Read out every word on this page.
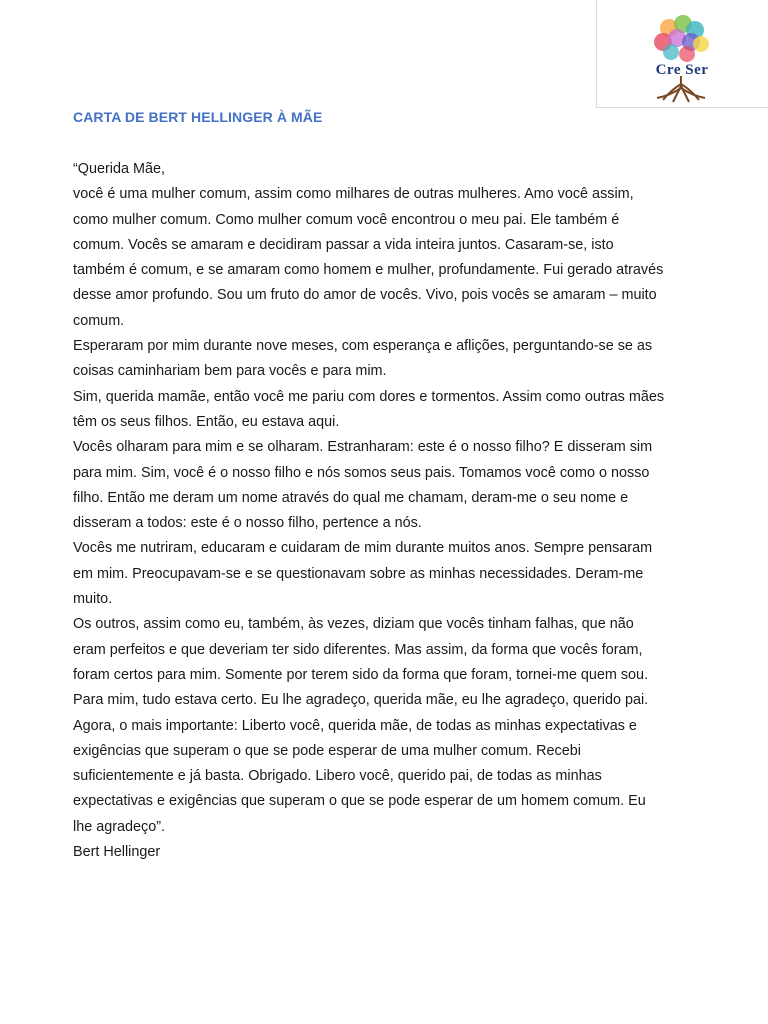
Cre Ser
CARTA DE BERT HELLINGER À MÃE

“Querida Mãe,

você é uma mulher comum, assim como milhares de outras mulheres. Amo você assim,

como mulher comum. Como mulher comum você encontrou o meu pai. Ele também é

comum. Vocês se amaram e decidiram passar a vida inteira juntos. Casaram-se, isto

também é comum, e se amaram como homem e mulher, profundamente. Fui gerado através

desse amor profundo. Sou um fruto do amor de vocês. Vivo, pois vocês se amaram – muito

comum.

Esperaram por mim durante nove meses, com esperança e aflições, perguntando-se se as

coisas caminhariam bem para vocês e para mim.

Sim, querida mamãe, então você me pariu com dores e tormentos. Assim como outras mães

têm os seus filhos. Então, eu estava aqui.

Vocês olharam para mim e se olharam. Estranharam: este é o nosso filho? E disseram sim

para mim. Sim, você é o nosso filho e nós somos seus pais. Tomamos você como o nosso

filho. Então me deram um nome através do qual me chamam, deram-me o seu nome e

disseram a todos: este é o nosso filho, pertence a nós.

Vocês me nutriram, educaram e cuidaram de mim durante muitos anos. Sempre pensaram

em mim. Preocupavam-se e se questionavam sobre as minhas necessidades. Deram-me

muito.

Os outros, assim como eu, também, às vezes, diziam que vocês tinham falhas, que não

eram perfeitos e que deveriam ter sido diferentes. Mas assim, da forma que vocês foram,

foram certos para mim. Somente por terem sido da forma que foram, tornei-me quem sou.

Para mim, tudo estava certo. Eu lhe agradeço, querida mãe, eu lhe agradeço, querido pai.

Agora, o mais importante: Liberto você, querida mãe, de todas as minhas expectativas e

exigências que superam o que se pode esperar de uma mulher comum. Recebi

suficientemente e já basta. Obrigado. Libero você, querido pai, de todas as minhas

expectativas e exigências que superam o que se pode esperar de um homem comum. Eu

lhe agradeço”.

Bert Hellinger
